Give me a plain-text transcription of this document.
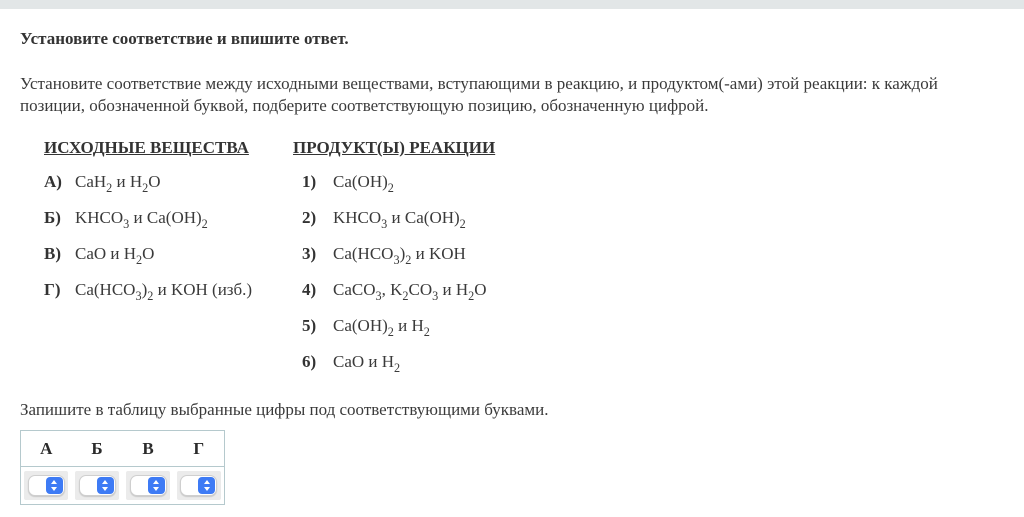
Установите соответствие и впишите ответ.

Установите соответствие между исходными веществами, вступающими в реакцию, и продуктом(-ами) этой реакции: к каждой позиции, обозначенной буквой, подберите соответствующую позицию, обозначенную цифрой.

ИСХОДНЫЕ ВЕЩЕСТВА
А) CaH$_2$ и $H_2O$
Б) $KHCO_3$ и $Ca(OH)_2$
В) CaO и $H_2O$
Г) $Ca(HCO_3)_2$ и KOH (изб.)
ПРОДУКТ(Ы) РЕАКЦИИ
1) $Ca(OH)_2$
2) $KHCO_3$ и $Ca(OH)_2$
3) $Ca(HCO_3)_2$ и KOH
4) CaCO$_3$, $K_2CO_3$ и $H_2O$
5) $Ca(OH)_2$ и $H_2$
6) CaO и $H_2$

Запишите в таблицу выбранные цифры под соответствующими буквами.

А	Б	В	Г
